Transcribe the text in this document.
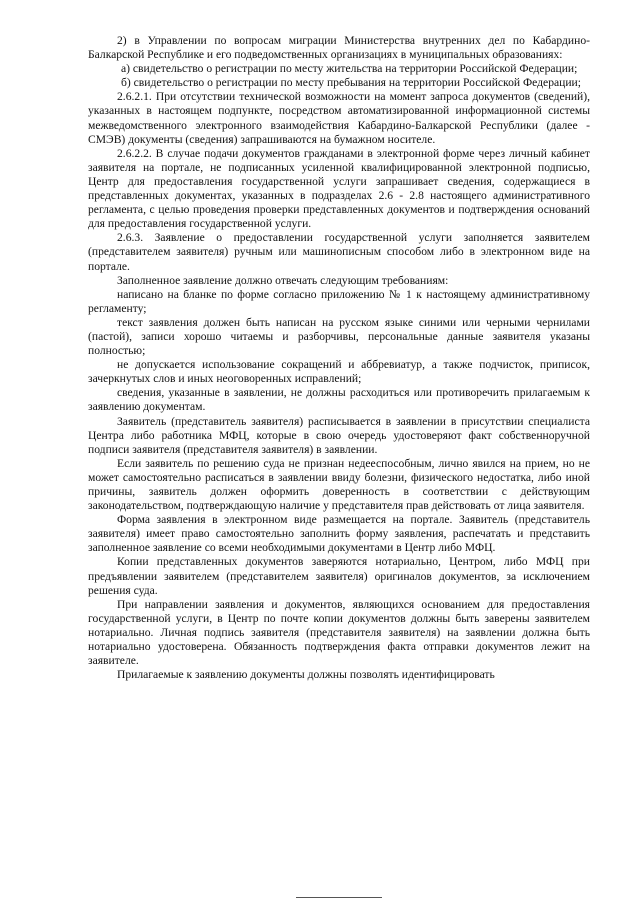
2) в Управлении по вопросам миграции Министерства внутренних дел по Кабардино-Балкарской Республике и его подведомственных организациях в муниципальных образованиях:

а) свидетельство о регистрации по месту жительства на территории Российской Федерации;

б) свидетельство о регистрации по месту пребывания на территории Российской Федерации;

2.6.2.1. При отсутствии технической возможности на момент запроса документов (сведений), указанных в настоящем подпункте, посредством автоматизированной информационной системы межведомственного электронного взаимодействия Кабардино-Балкарской Республики (далее - СМЭВ) документы (сведения) запрашиваются на бумажном носителе.

2.6.2.2. В случае подачи документов гражданами в электронной форме через личный кабинет заявителя на портале, не подписанных усиленной квалифицированной электронной подписью, Центр для предоставления государственной услуги запрашивает сведения, содержащиеся в представленных документах, указанных в подразделах 2.6 - 2.8 настоящего административного регламента, с целью проведения проверки представленных документов и подтверждения оснований для предоставления государственной услуги.

2.6.3. Заявление о предоставлении государственной услуги заполняется заявителем (представителем заявителя) ручным или машинописным способом либо в электронном виде на портале.

Заполненное заявление должно отвечать следующим требованиям:

написано на бланке по форме согласно приложению № 1 к настоящему административному регламенту;

текст заявления должен быть написан на русском языке синими или черными чернилами (пастой), записи хорошо читаемы и разборчивы, персональные данные заявителя указаны полностью;

не допускается использование сокращений и аббревиатур, а также подчисток, приписок, зачеркнутых слов и иных неоговоренных исправлений;

сведения, указанные в заявлении, не должны расходиться или противоречить прилагаемым к заявлению документам.

Заявитель (представитель заявителя) расписывается в заявлении в присутствии специалиста Центра либо работника МФЦ, которые в свою очередь удостоверяют факт собственноручной подписи заявителя (представителя заявителя) в заявлении.

Если заявитель по решению суда не признан недееспособным, лично явился на прием, но не может самостоятельно расписаться в заявлении ввиду болезни, физического недостатка, либо иной причины, заявитель должен оформить доверенность в соответствии с действующим законодательством, подтверждающую наличие у представителя прав действовать от лица заявителя.

Форма заявления в электронном виде размещается на портале. Заявитель (представитель заявителя) имеет право самостоятельно заполнить форму заявления, распечатать и представить заполненное заявление со всеми необходимыми документами в Центр либо МФЦ.

Копии представленных документов заверяются нотариально, Центром, либо МФЦ при предъявлении заявителем (представителем заявителя) оригиналов документов, за исключением решения суда.

При направлении заявления и документов, являющихся основанием для предоставления государственной услуги, в Центр по почте копии документов должны быть заверены заявителем нотариально. Личная подпись заявителя (представителя заявителя) на заявлении должна быть нотариально удостоверена. Обязанность подтверждения факта отправки документов лежит на заявителе.

Прилагаемые к заявлению документы должны позволять идентифицировать
